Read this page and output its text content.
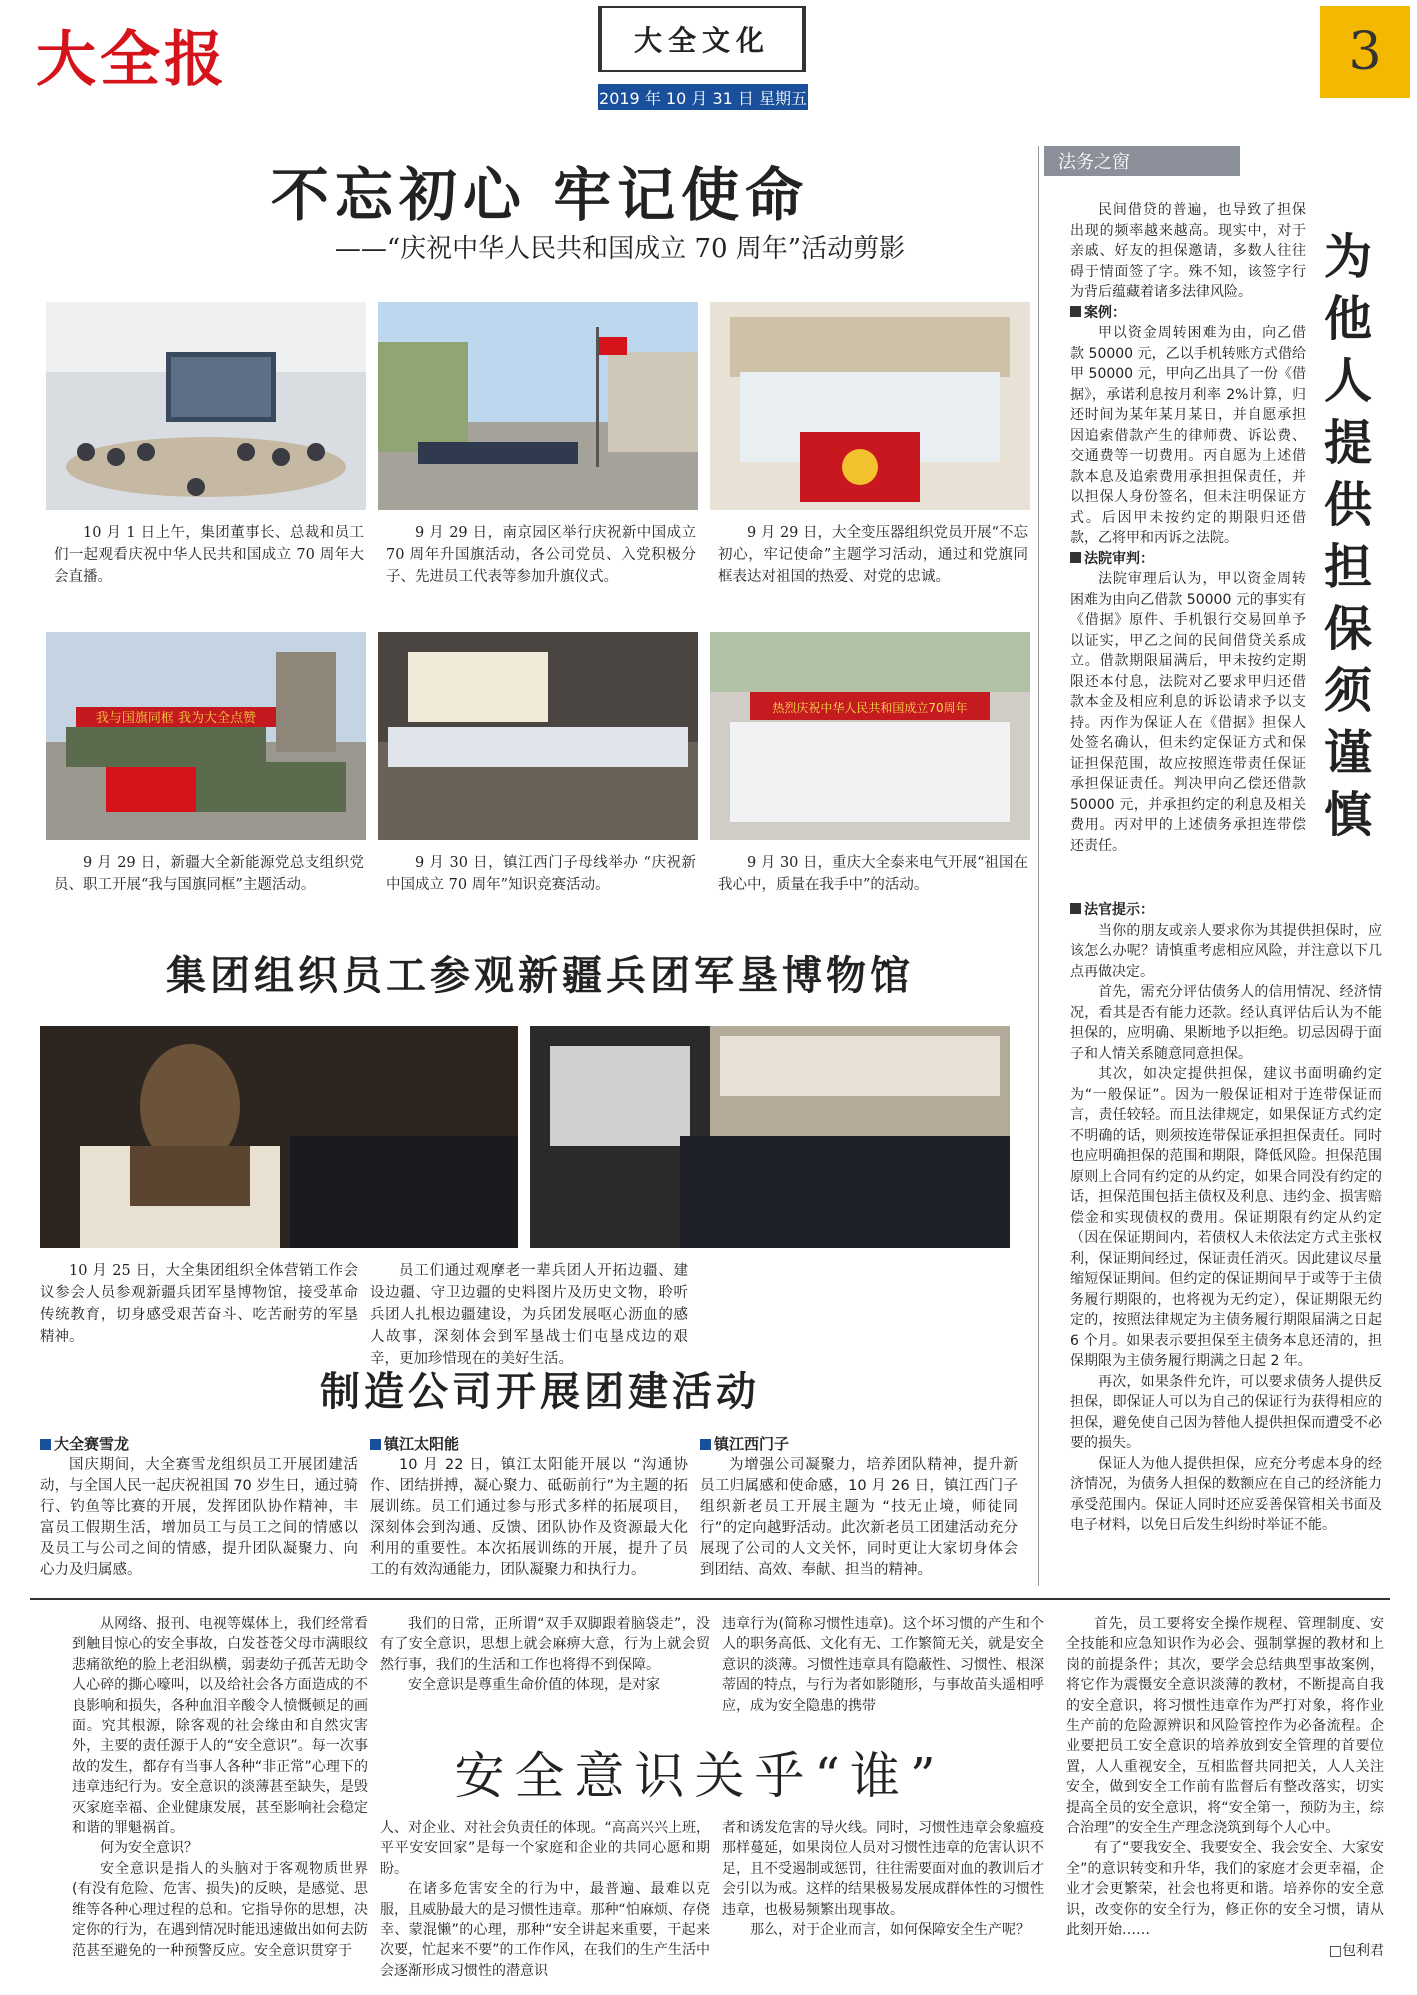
大全报	大全文化
2019 年 10 月 31 日 星期五
3
不忘初心 牢记使命
——“庆祝中华人民共和国成立 70 周年”活动剪影
10 月 1 日上午，集团董事长、总裁和员工们一起观看庆祝中华人民共和国成立 70 周年大会直播。
9 月 29 日，南京园区举行庆祝新中国成立 70 周年升国旗活动，各公司党员、入党积极分子、先进员工代表等参加升旗仪式。
9 月 29 日，大全变压器组织党员开展“不忘初心，牢记使命”主题学习活动，通过和党旗同框表达对祖国的热爱、对党的忠诚。
我与国旗同框 我为大全点赞
热烈庆祝中华人民共和国成立70周年
9 月 29 日，新疆大全新能源党总支组织党员、职工开展“我与国旗同框”主题活动。
9 月 30 日，镇江西门子母线举办 “庆祝新中国成立 70 周年”知识竞赛活动。
9 月 30 日，重庆大全泰来电气开展“祖国在我心中，质量在我手中”的活动。
集团组织员工参观新疆兵团军垦博物馆

10 月 25 日，大全集团组织全体营销工作会议参会人员参观新疆兵团军垦博物馆，接受革命传统教育，切身感受艰苦奋斗、吃苦耐劳的军垦精神。

员工们通过观摩老一辈兵团人开拓边疆、建设边疆、守卫边疆的史料图片及历史文物，聆听兵团人扎根边疆建设，为兵团发展呕心沥血的感人故事，深刻体会到军垦战士们屯垦戍边的艰辛，更加珍惜现在的美好生活。

制造公司开展团建活动
大全赛雪龙

国庆期间，大全赛雪龙组织员工开展团建活动，与全国人民一起庆祝祖国 70 岁生日，通过骑行、钓鱼等比赛的开展，发挥团队协作精神，丰富员工假期生活，增加员工与员工之间的情感以及员工与公司之间的情感，提升团队凝聚力、向心力及归属感。

镇江太阳能

10 月 22 日，镇江太阳能开展以 “沟通协作、团结拼搏，凝心聚力、砥砺前行”为主题的拓展训练。员工们通过参与形式多样的拓展项目，深刻体会到沟通、反馈、团队协作及资源最大化利用的重要性。本次拓展训练的开展，提升了员工的有效沟通能力，团队凝聚力和执行力。

镇江西门子

为增强公司凝聚力，培养团队精神，提升新员工归属感和使命感，10 月 26 日，镇江西门子组织新老员工开展主题为 “技无止境，师徒同行”的定向越野活动。此次新老员工团建活动充分展现了公司的人文关怀，同时更让大家切身体会到团结、高效、奉献、担当的精神。

法务之窗
为他人提供担保须谨慎

民间借贷的普遍，也导致了担保出现的频率越来越高。现实中，对于亲戚、好友的担保邀请，多数人往往碍于情面签了字。殊不知，该签字行为背后蕴藏着诸多法律风险。

案例：

甲以资金周转困难为由，向乙借款 50000 元，乙以手机转账方式借给甲 50000 元，甲向乙出具了一份《借据》，承诺利息按月利率 2%计算，归还时间为某年某月某日，并自愿承担因追索借款产生的律师费、诉讼费、交通费等一切费用。丙自愿为上述借款本息及追索费用承担担保责任，并以担保人身份签名，但未注明保证方式。后因甲未按约定的期限归还借款，乙将甲和丙诉之法院。

法院审判：

法院审理后认为，甲以资金周转困难为由向乙借款 50000 元的事实有《借据》原件、手机银行交易回单予以证实，甲乙之间的民间借贷关系成立。借款期限届满后，甲未按约定期限还本付息，法院对乙要求甲归还借款本金及相应利息的诉讼请求予以支持。丙作为保证人在《借据》担保人处签名确认，但未约定保证方式和保证担保范围，故应按照连带责任保证承担保证责任。判决甲向乙偿还借款 50000 元，并承担约定的利息及相关费用。丙对甲的上述债务承担连带偿还责任。

法官提示：

当你的朋友或亲人要求你为其提供担保时，应该怎么办呢？请慎重考虑相应风险，并注意以下几点再做决定。

首先，需充分评估债务人的信用情况、经济情况，看其是否有能力还款。经认真评估后认为不能担保的，应明确、果断地予以拒绝。切忌因碍于面子和人情关系随意同意担保。

其次，如决定提供担保，建议书面明确约定为“一般保证”。因为一般保证相对于连带保证而言，责任较轻。而且法律规定，如果保证方式约定不明确的话，则须按连带保证承担担保责任。同时也应明确担保的范围和期限，降低风险。担保范围原则上合同有约定的从约定，如果合同没有约定的话，担保范围包括主债权及利息、违约金、损害赔偿金和实现债权的费用。保证期限有约定从约定（因在保证期间内，若债权人未依法定方式主张权利，保证期间经过，保证责任消灭。因此建议尽量缩短保证期间。但约定的保证期间早于或等于主债务履行期限的，也将视为无约定），保证期限无约定的，按照法律规定为主债务履行期限届满之日起 6 个月。如果表示要担保至主债务本息还清的，担保期限为主债务履行期满之日起 2 年。

再次，如果条件允许，可以要求债务人提供反担保，即保证人可以为自己的保证行为获得相应的担保，避免使自己因为替他人提供担保而遭受不必要的损失。

保证人为他人提供担保，应充分考虑本身的经济情况，为债务人担保的数额应在自己的经济能力承受范围内。保证人同时还应妥善保管相关书面及电子材料，以免日后发生纠纷时举证不能。

从网络、报刊、电视等媒体上，我们经常看到触目惊心的安全事故，白发苍苍父母市满眼纹悲痛欲绝的脸上老泪纵横，弱妻幼子孤苦无助令人心碎的撕心嚎叫，以及给社会各方面造成的不良影响和损失，各种血泪辛酸令人愤慨顿足的画面。究其根源，除客观的社会缘由和自然灾害外，主要的责任源于人的“安全意识”。每一次事故的发生，都存有当事人各种“非正常”心理下的违章违纪行为。安全意识的淡薄甚至缺失，是毁灭家庭幸福、企业健康发展，甚至影响社会稳定和谐的罪魁祸首。

何为安全意识？

安全意识是指人的头脑对于客观物质世界(有没有危险、危害、损失)的反映，是感觉、思维等各种心理过程的总和。它指导你的思想，决定你的行为，在遇到情况时能迅速做出如何去防范甚至避免的一种预警反应。安全意识贯穿于

我们的日常，正所谓“双手双脚跟着脑袋走”，没有了安全意识，思想上就会麻痹大意，行为上就会贸然行事，我们的生活和工作也将得不到保障。

安全意识是尊重生命价值的体现，是对家

违章行为(简称习惯性违章)。这个坏习惯的产生和个人的职务高低、文化有无、工作繁简无关，就是安全意识的淡薄。习惯性违章具有隐蔽性、习惯性、根深蒂固的特点，与行为者如影随形，与事故苗头遥相呼应，成为安全隐患的携带

安全意识关乎“谁”

人、对企业、对社会负责任的体现。“高高兴兴上班，平平安安回家”是每一个家庭和企业的共同心愿和期盼。

在诸多危害安全的行为中，最普遍、最难以克服，且威胁最大的是习惯性违章。那种“怕麻烦、存侥幸、蒙混懒”的心理，那种“安全讲起来重要，干起来次要，忙起来不要”的工作作风，在我们的生产生活中会逐渐形成习惯性的潜意识

者和诱发危害的导火线。同时，习惯性违章会象瘟疫那样蔓延，如果岗位人员对习惯性违章的危害认识不足，且不受遏制或惩罚，往往需要面对血的教训后才会引以为戒。这样的结果极易发展成群体性的习惯性违章，也极易频繁出现事故。

那么，对于企业而言，如何保障安全生产呢？

首先，员工要将安全操作规程、管理制度、安全技能和应急知识作为必会、强制掌握的教材和上岗的前提条件；其次，要学会总结典型事故案例，将它作为震慑安全意识淡薄的教材，不断提高自我的安全意识，将习惯性违章作为严打对象，将作业生产前的危险源辨识和风险管控作为必备流程。企业要把员工安全意识的培养放到安全管理的首要位置，人人重视安全，互相监督共同把关，人人关注安全，做到安全工作前有监督后有整改落实，切实提高全员的安全意识，将“安全第一，预防为主，综合治理”的安全生产理念浇筑到每个人心中。

有了“要我安全、我要安全、我会安全、大家安全”的意识转变和升华，我们的家庭才会更幸福，企业才会更繁荣，社会也将更和谐。培养你的安全意识，改变你的安全行为，修正你的安全习惯，请从此刻开始……

□包利君
